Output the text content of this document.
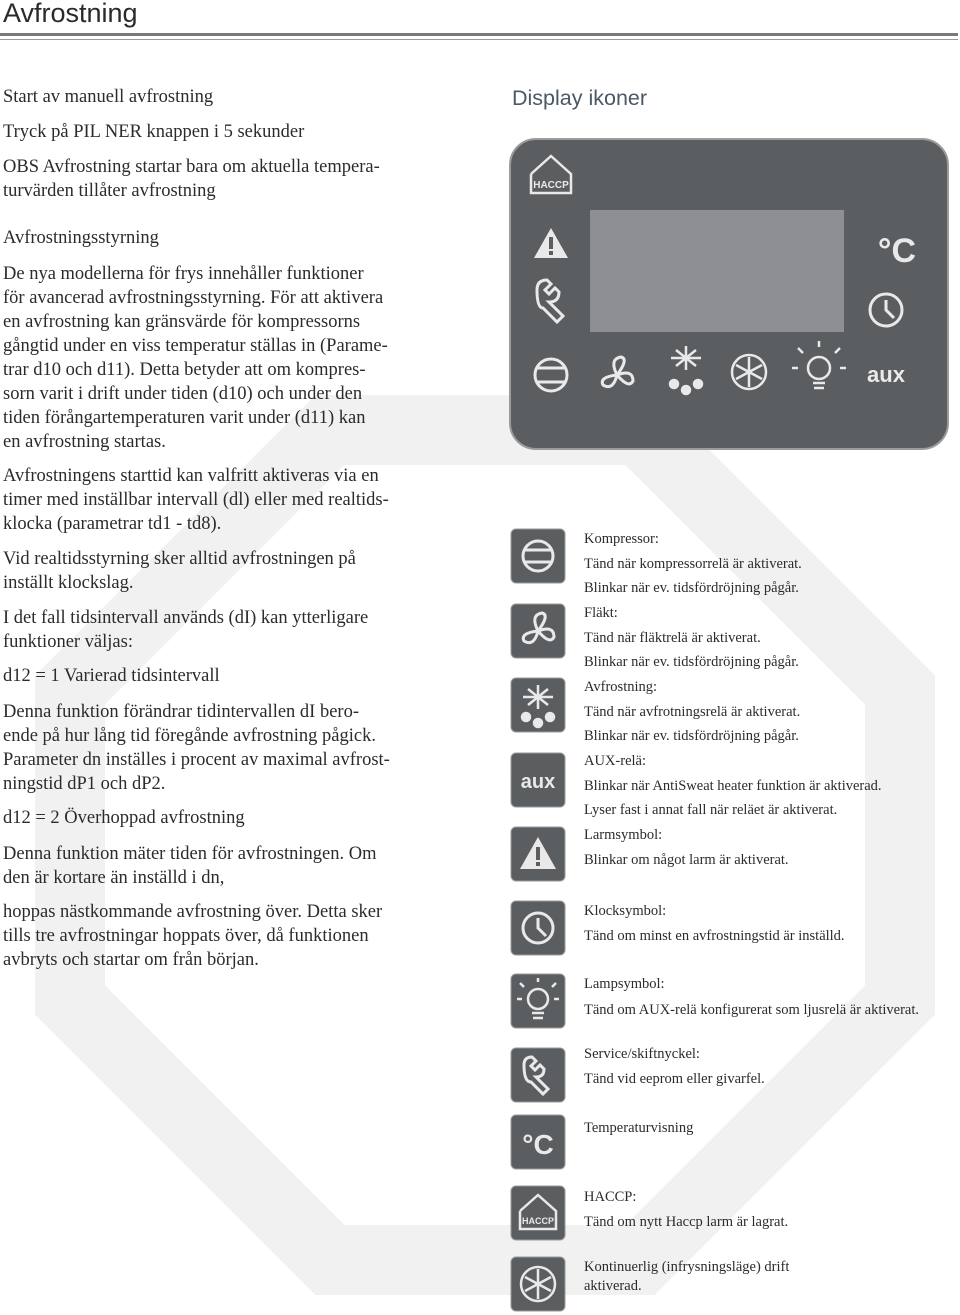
Avfrostning

Start av manuell avfrostning

Tryck på PIL NER knappen i 5 sekunder

OBS Avfrostning startar bara om aktuella tempera-

turvärden tillåter avfrostning

Avfrostningsstyrning

De nya modellerna för frys innehåller funktioner

för avancerad avfrostningsstyrning. För att aktivera

en avfrostning kan gränsvärde för kompressorns

gångtid under en viss temperatur ställas in (Parame-

trar d10 och d11). Detta betyder att om kompres-

sorn varit i drift under tiden (d10) och under den

tiden förångartemperaturen varit under (d11) kan

en avfrostning startas.

Avfrostningens starttid kan valfritt aktiveras via en

timer med inställbar intervall (dl) eller med realtids-

klocka (parametrar td1 - td8).

Vid realtidsstyrning sker alltid avfrostningen på

inställt klockslag.

I det fall tidsintervall används (dI) kan ytterligare

funktioner väljas:

d12 = 1 Varierad tidsintervall

Denna funktion förändrar tidintervallen dI bero-

ende på hur lång tid föregånde avfrostning pågick.

Parameter dn inställes i procent av maximal avfrost-

ningstid dP1 och dP2.

d12 = 2 Överhoppad avfrostning

Denna funktion mäter tiden för avfrostningen. Om

den är kortare än inställd i dn,

hoppas nästkommande avfrostning över. Detta sker

tills tre avfrostningar hoppats över, då funktionen

avbryts och startar om från början.

Display ikoner
HACCP
°C
aux
aux
°C
HACCP
Kompressor:
Tänd när kompressorrelä är aktiverat.
Blinkar när ev. tidsfördröjning pågår.
Fläkt:
Tänd när fläktrelä är aktiverat.
Blinkar när ev. tidsfördröjning pågår.
Avfrostning:
Tänd när avfrotningsrelä är aktiverat.
Blinkar när ev. tidsfördröjning pågår.
AUX-relä:
Blinkar när AntiSweat heater funktion är aktiverad.
Lyser fast i annat fall när reläet är aktiverat.
Larmsymbol:
Blinkar om något larm är aktiverat.
Klocksymbol:
Tänd om minst en avfrostningstid är inställd.
Lampsymbol:
Tänd om AUX-relä konfigurerat som ljusrelä är aktiverat.
Service/skiftnyckel:
Tänd vid eeprom eller givarfel.
Temperaturvisning
HACCP:
Tänd om nytt Haccp larm är lagrat.
Kontinuerlig (infrysningsläge) drift aktiverad.
